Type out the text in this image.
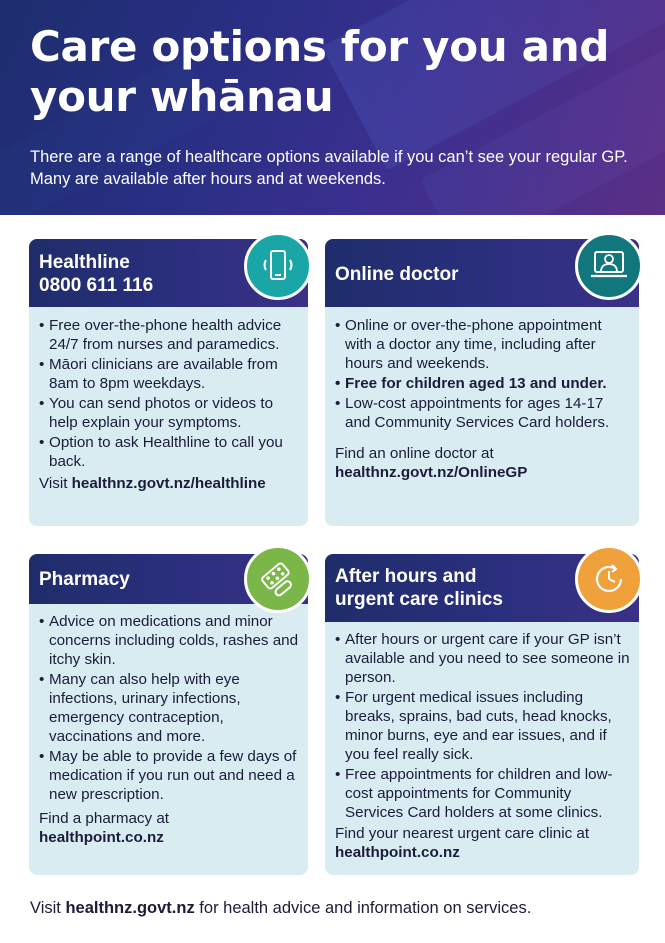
Care options for you and your whānau

There are a range of healthcare options available if you can’t see your regular GP. Many are available after hours and at weekends.

Healthline
0800 611 116
• Free over-the-phone health advice 24/7 from nurses and paramedics.
• Māori clinicians are available from 8am to 8pm weekdays.
• You can send photos or videos to help explain your symptoms.
• Option to ask Healthline to call you back.
Visit healthnz.govt.nz/healthline
Online doctor
• Online or over-the-phone appointment with a doctor any time, including after hours and weekends.
• Free for children aged 13 and under.
• Low-cost appointments for ages 14-17 and Community Services Card holders.
Find an online doctor at
healthnz.govt.nz/OnlineGP
Pharmacy
• Advice on medications and minor concerns including colds, rashes and itchy skin.
• Many can also help with eye infections, urinary infections, emergency contraception, vaccinations and more.
• May be able to provide a few days of medication if you run out and need a new prescription.
Find a pharmacy at
healthpoint.co.nz
After hours and
urgent care clinics
• After hours or urgent care if your GP isn’t available and you need to see someone in person.
• For urgent medical issues including breaks, sprains, bad cuts, head knocks, minor burns, eye and ear issues, and if you feel really sick.
• Free appointments for children and low-cost appointments for Community Services Card holders at some clinics.
Find your nearest urgent care clinic at healthpoint.co.nz
Visit healthnz.govt.nz for health advice and information on services.
